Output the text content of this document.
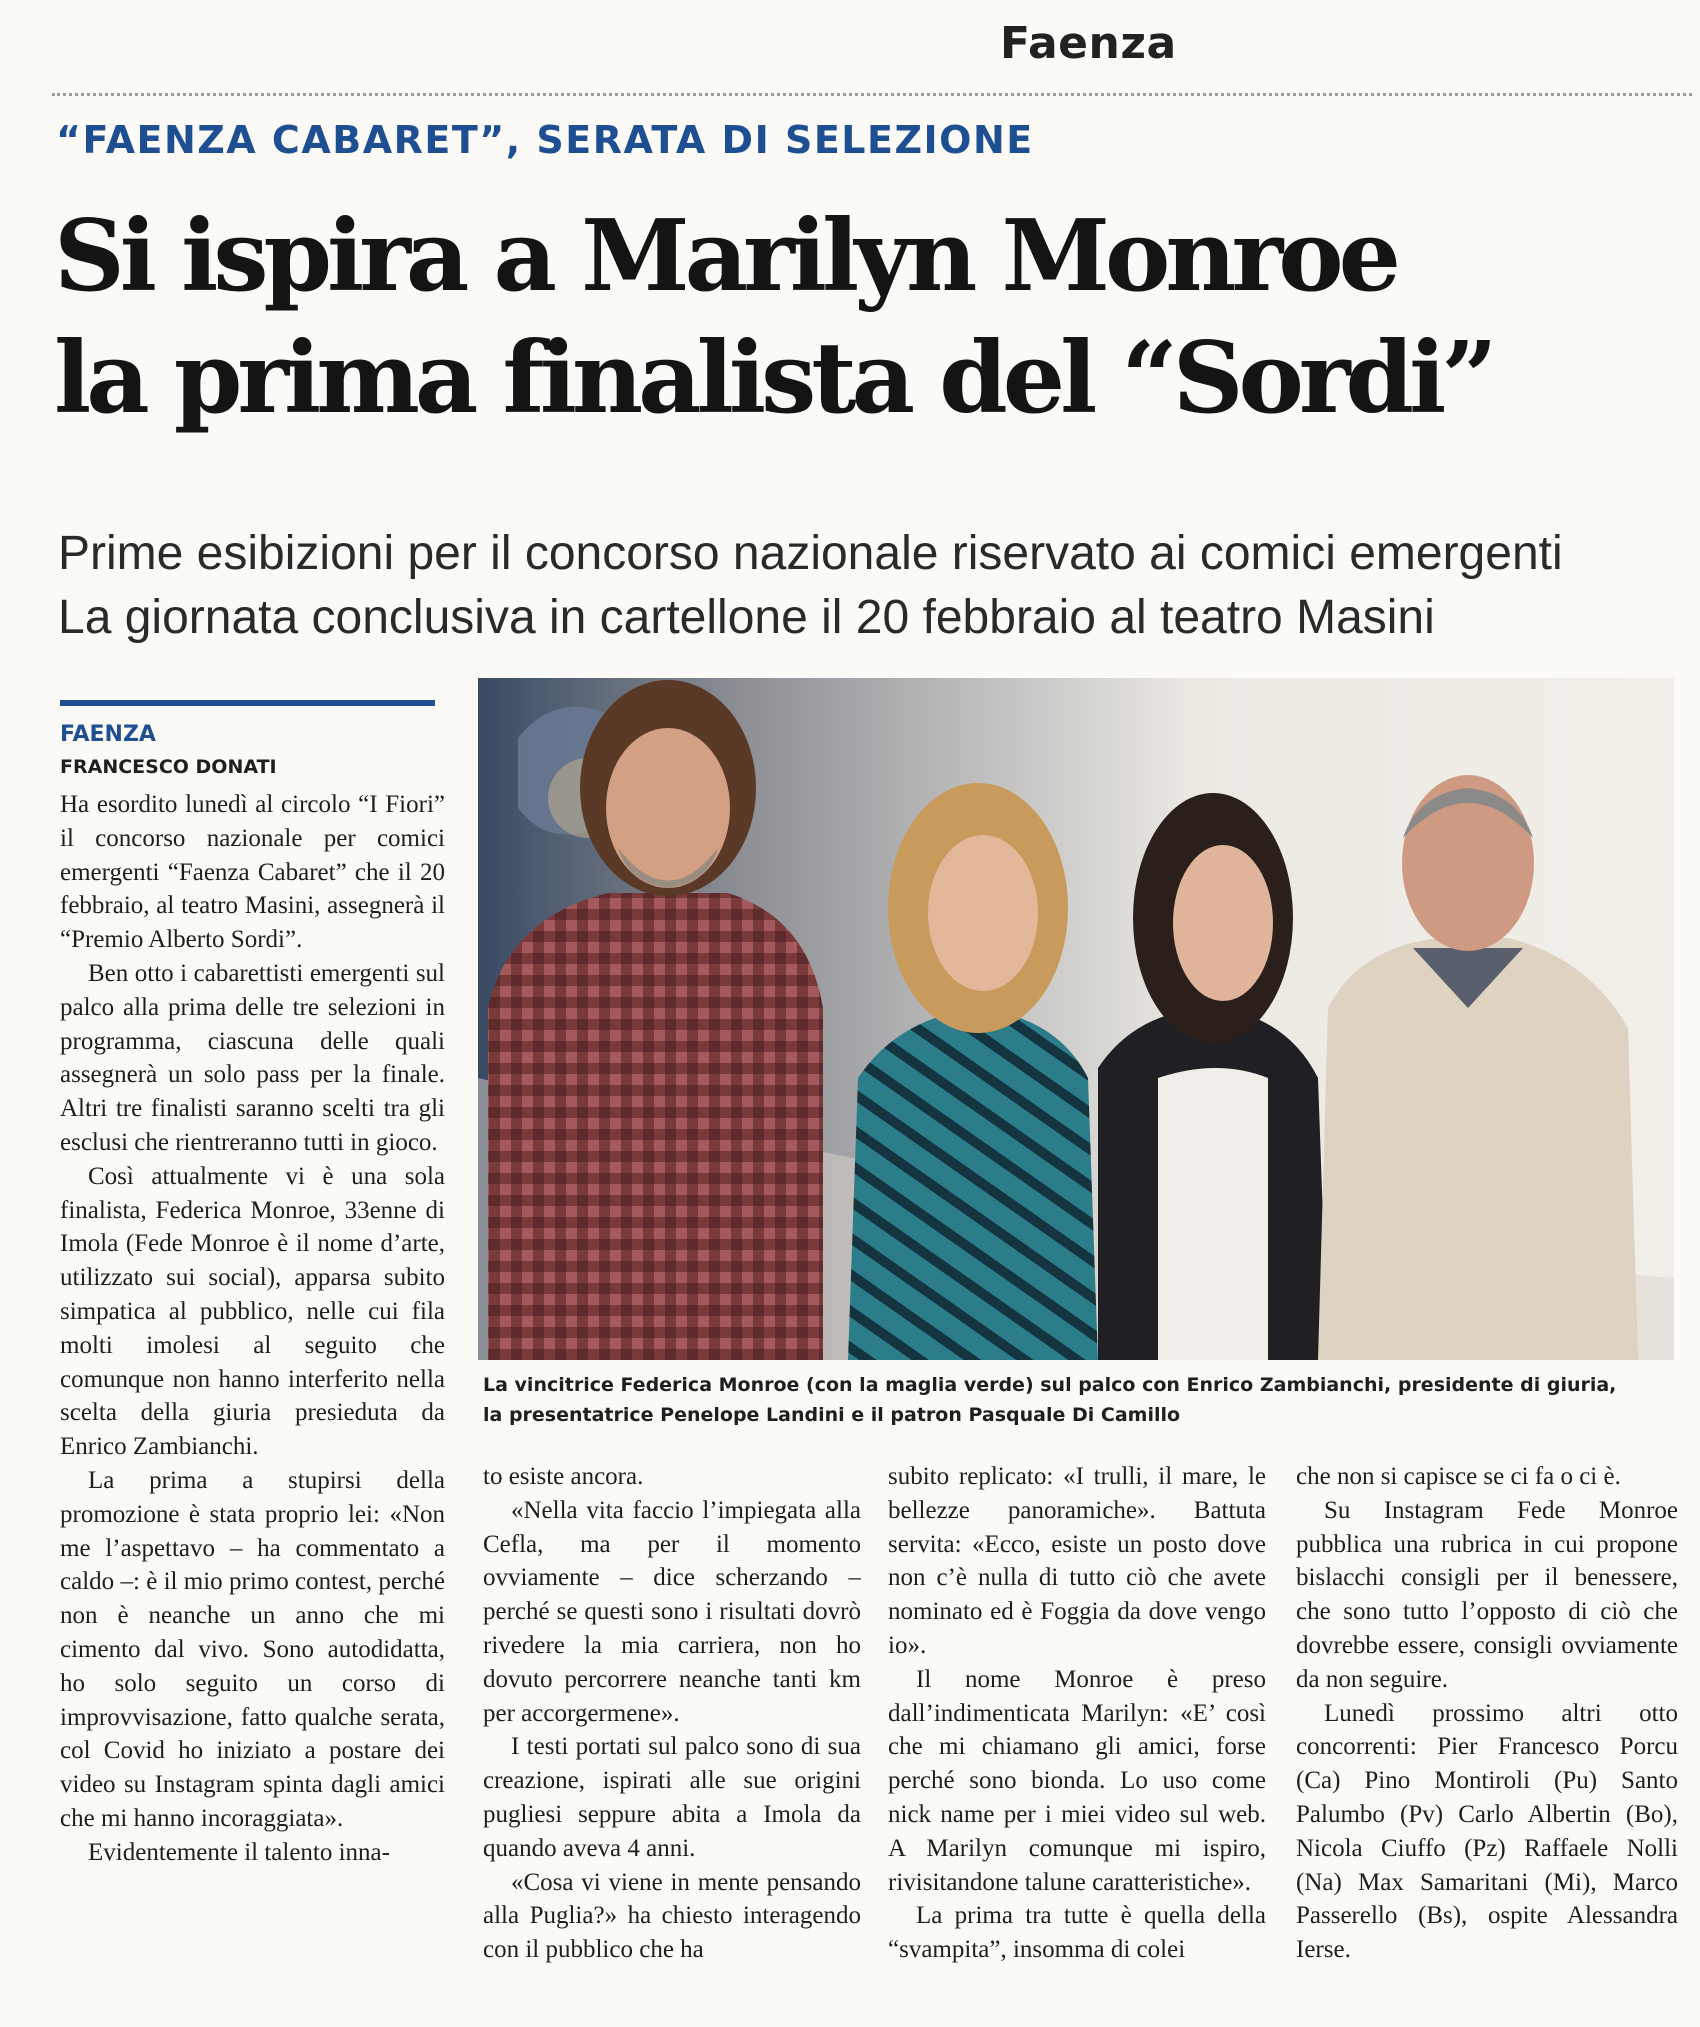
Faenza
“FAENZA CABARET”, SERATA DI SELEZIONE
Si ispira a Marilyn Monroe
la prima finalista del “Sordi”
Prime esibizioni per il concorso nazionale riservato ai comici emergenti
La giornata conclusiva in cartellone il 20 febbraio al teatro Masini
FAENZA
FRANCESCO DONATI

Ha esordito lunedì al circolo “I Fiori” il concorso nazionale per comici emergenti “Faenza Cabaret” che il 20 febbraio, al teatro Masini, assegnerà il “Premio Alberto Sordi”.

Ben otto i cabarettisti emergenti sul palco alla prima delle tre selezioni in programma, ciascuna delle quali assegnerà un solo pass per la finale. Altri tre finalisti saranno scelti tra gli esclusi che rientreranno tutti in gioco.

Così attualmente vi è una sola finalista, Federica Monroe, 33enne di Imola (Fede Monroe è il nome d’arte, utilizzato sui social), apparsa subito simpatica al pubblico, nelle cui fila molti imolesi al seguito che comunque non hanno interferito nella scelta della giuria presieduta da Enrico Zambianchi.

La prima a stupirsi della promozione è stata proprio lei: «Non me l’aspettavo – ha commentato a caldo –: è il mio primo contest, perché non è neanche un anno che mi cimento dal vivo. Sono autodidatta, ho solo seguito un corso di improvvisazione, fatto qualche serata, col Covid ho iniziato a postare dei video su Instagram spinta dagli amici che mi hanno incoraggiata».

Evidentemente il talento inna-

La vincitrice Federica Monroe (con la maglia verde) sul palco con Enrico Zambianchi, presidente di giuria,
la presentatrice Penelope Landini e il patron Pasquale Di Camillo

to esiste ancora.

«Nella vita faccio l’impiegata alla Cefla, ma per il momento ovviamente – dice scherzando – perché se questi sono i risultati dovrò rivedere la mia carriera, non ho dovuto percorrere neanche tanti km per accorgermene».

I testi portati sul palco sono di sua creazione, ispirati alle sue origini pugliesi seppure abita a Imola da quando aveva 4 anni.

«Cosa vi viene in mente pensando alla Puglia?» ha chiesto interagendo con il pubblico che ha

subito replicato: «I trulli, il mare, le bellezze panoramiche». Battuta servita: «Ecco, esiste un posto dove non c’è nulla di tutto ciò che avete nominato ed è Foggia da dove vengo io».

Il nome Monroe è preso dall’indimenticata Marilyn: «E’ così che mi chiamano gli amici, forse perché sono bionda. Lo uso come nick name per i miei video sul web. A Marilyn comunque mi ispiro, rivisitandone talune caratteristiche».

La prima tra tutte è quella della “svampita”, insomma di colei

che non si capisce se ci fa o ci è.

Su Instagram Fede Monroe pubblica una rubrica in cui propone bislacchi consigli per il benessere, che sono tutto l’opposto di ciò che dovrebbe essere, consigli ovviamente da non seguire.

Lunedì prossimo altri otto concorrenti: Pier Francesco Porcu (Ca) Pino Montiroli (Pu) Santo Palumbo (Pv) Carlo Albertin (Bo), Nicola Ciuffo (Pz) Raffaele Nolli (Na) Max Samaritani (Mi), Marco Passerello (Bs), ospite Alessandra Ierse.
